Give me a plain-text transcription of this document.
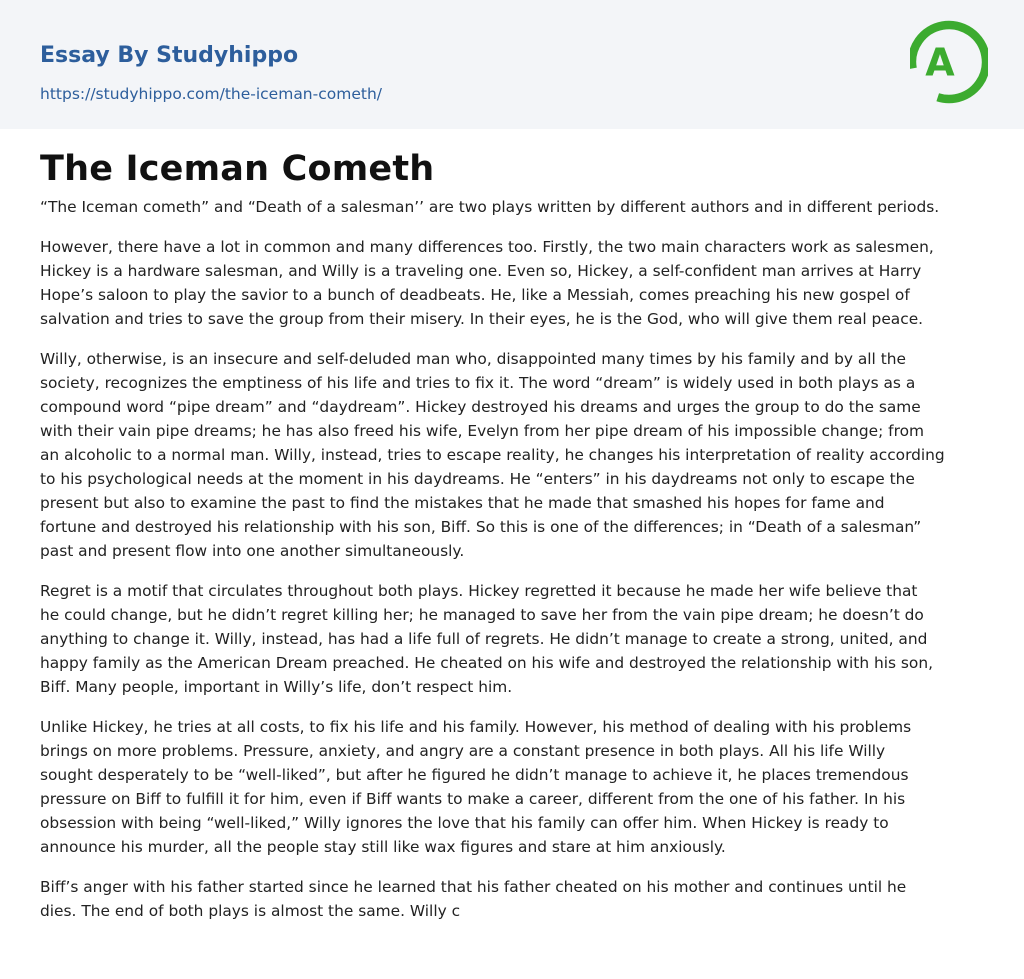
Essay By Studyhippo
https://studyhippo.com/the-iceman-cometh/
A
The Iceman Cometh

“The Iceman cometh” and “Death of a salesman’’ are two plays written by different authors and in different periods.

However, there have a lot in common and many differences too. Firstly, the two main characters work as salesmen,
Hickey is a hardware salesman, and Willy is a traveling one. Even so, Hickey, a self-confident man arrives at Harry
Hope’s saloon to play the savior to a bunch of deadbeats. He, like a Messiah, comes preaching his new gospel of
salvation and tries to save the group from their misery. In their eyes, he is the God, who will give them real peace.

Willy, otherwise, is an insecure and self-deluded man who, disappointed many times by his family and by all the
society, recognizes the emptiness of his life and tries to fix it. The word “dream” is widely used in both plays as a
compound word “pipe dream” and “daydream”. Hickey destroyed his dreams and urges the group to do the same
with their vain pipe dreams; he has also freed his wife, Evelyn from her pipe dream of his impossible change; from
an alcoholic to a normal man. Willy, instead, tries to escape reality, he changes his interpretation of reality according
to his psychological needs at the moment in his daydreams. He “enters” in his daydreams not only to escape the
present but also to examine the past to find the mistakes that he made that smashed his hopes for fame and
fortune and destroyed his relationship with his son, Biff. So this is one of the differences; in “Death of a salesman”
past and present flow into one another simultaneously.

Regret is a motif that circulates throughout both plays. Hickey regretted it because he made her wife believe that
he could change, but he didn’t regret killing her; he managed to save her from the vain pipe dream; he doesn’t do
anything to change it. Willy, instead, has had a life full of regrets. He didn’t manage to create a strong, united, and
happy family as the American Dream preached. He cheated on his wife and destroyed the relationship with his son,
Biff. Many people, important in Willy’s life, don’t respect him.

Unlike Hickey, he tries at all costs, to fix his life and his family. However, his method of dealing with his problems
brings on more problems. Pressure, anxiety, and angry are a constant presence in both plays. All his life Willy
sought desperately to be “well-liked”, but after he figured he didn’t manage to achieve it, he places tremendous
pressure on Biff to fulfill it for him, even if Biff wants to make a career, different from the one of his father. In his
obsession with being “well-liked,” Willy ignores the love that his family can offer him. When Hickey is ready to
announce his murder, all the people stay still like wax figures and stare at him anxiously.

Biff’s anger with his father started since he learned that his father cheated on his mother and continues until he
dies. The end of both plays is almost the same. Willy c
